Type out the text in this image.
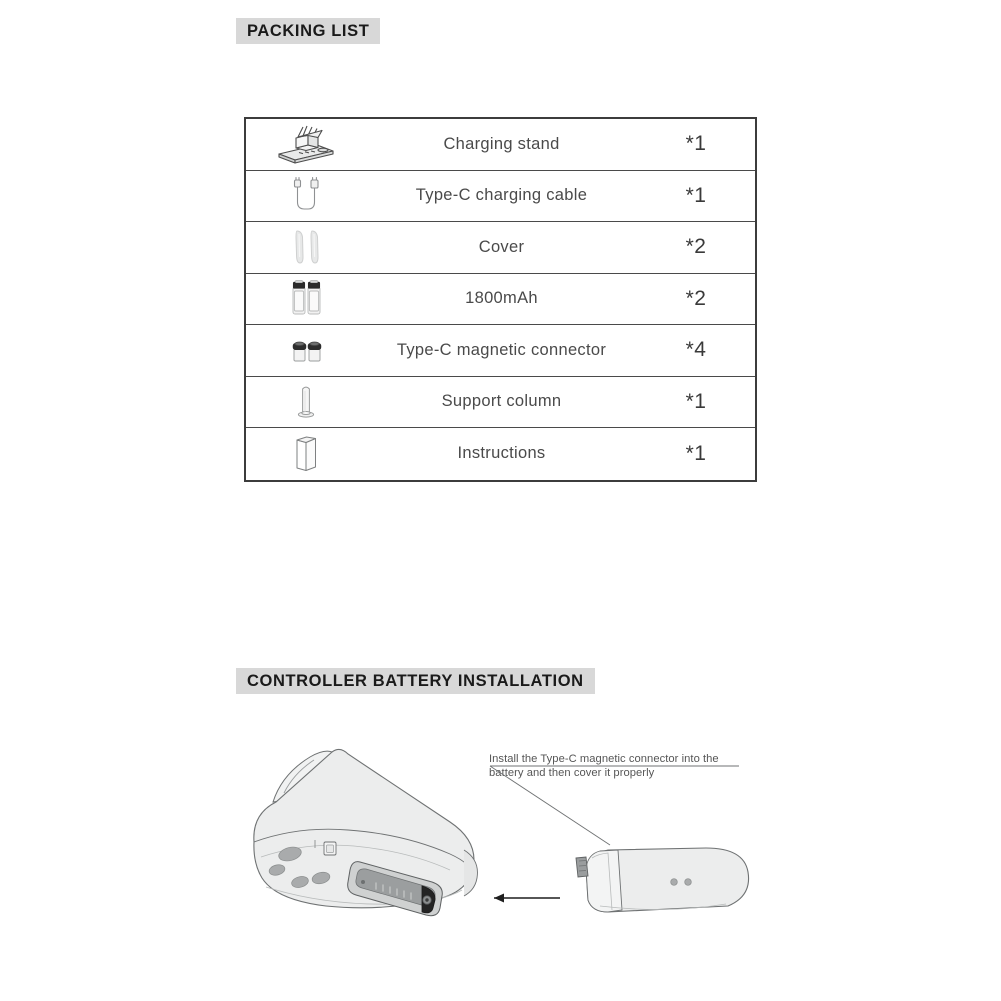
PACKING LIST
Charging stand	*1
Type-C charging cable	*1
Cover	*2
1800mAh	*2
Type-C magnetic connector	*4
Support column	*1
Instructions	*1
CONTROLLER BATTERY INSTALLATION
Install the Type-C magnetic connector into the battery and then cover it properly
